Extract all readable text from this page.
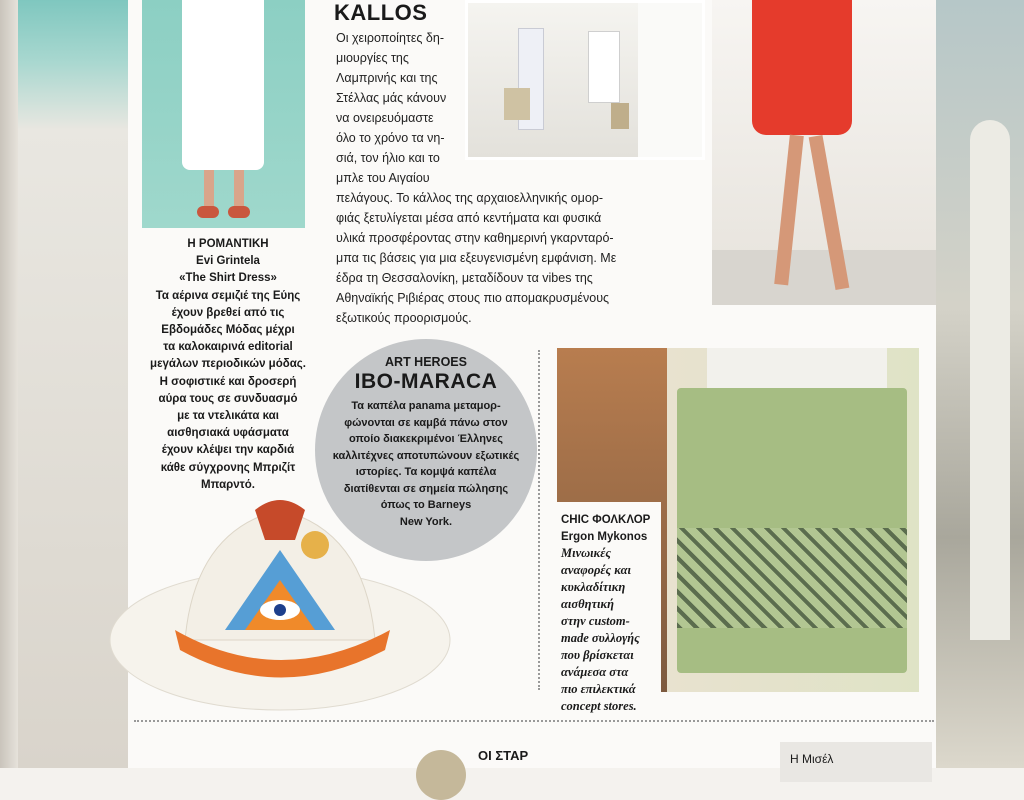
KALLOS

Οι χειροποίητες δη-
μιουργίες της
Λαμπρινής και της
Στέλλας μάς κάνουν
να ονειρευόμαστε
όλο το χρόνο τα νη-
σιά, τον ήλιο και το
μπλε του Αιγαίου
πελάγους. Το κάλλος της αρχαιοελληνικής ομορ-
φιάς ξετυλίγεται μέσα από κεντήματα και φυσικά
υλικά προσφέροντας στην καθημερινή γκαρνταρό-
μπα τις βάσεις για μια εξευγενισμένη εμφάνιση. Με
έδρα τη Θεσσαλονίκη, μεταδίδουν τα vibes της
Αθηναϊκής Ριβιέρας στους πιο απομακρυσμένους
εξωτικούς προορισμούς.

Η ΡΟΜΑΝΤΙΚΗ
Evi Grintela
«The Shirt Dress»
Τα αέρινα σεμιζιέ της Εύης
έχουν βρεθεί από τις
Εβδομάδες Μόδας μέχρι
τα καλοκαιρινά editorial
μεγάλων περιοδικών μόδας.
Η σοφιστικέ και δροσερή
αύρα τους σε συνδυασμό
με τα ντελικάτα και
αισθησιακά υφάσματα
έχουν κλέψει την καρδιά
κάθε σύγχρονης Μπριζίτ
Μπαρντό.
ART HEROES
IBO-MARACA
Τα καπέλα panama μεταμορ-
φώνονται σε καμβά πάνω στον
οποίο διακεκριμένοι Έλληνες
καλλιτέχνες αποτυπώνουν εξωτικές
ιστορίες. Τα κομψά καπέλα
διατίθενται σε σημεία πώλησης
όπως το Barneys
New York.	CHIC ΦΟΛΚΛΟΡ
Ergon Mykonos
Μινωικές
αναφορές και
κυκλαδίτικη
αισθητική
στην custom-
made συλλογής
που βρίσκεται
ανάμεσα στα
πιο επιλεκτικά
concept stores.
ΟΙ ΣΤΑΡ	Η Μισέλ
